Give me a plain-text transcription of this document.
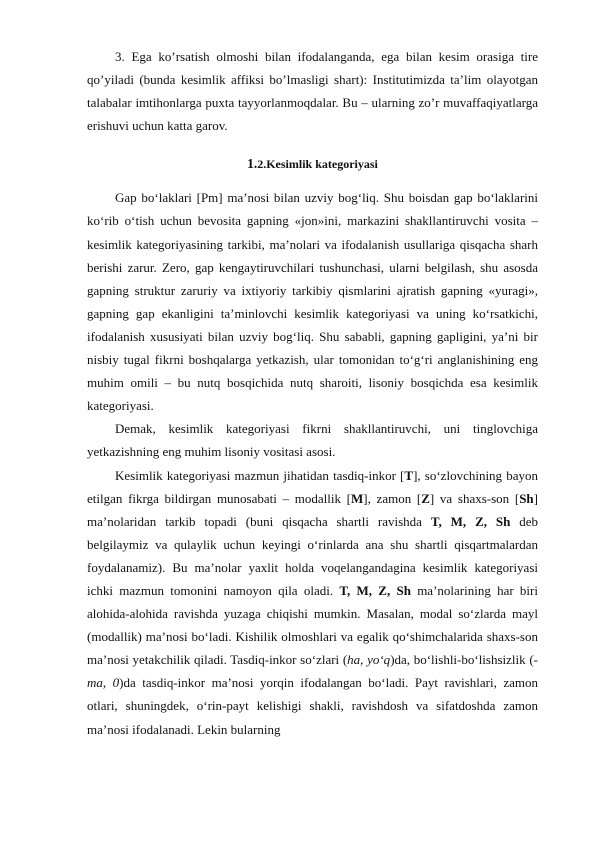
3. Ega ko’rsatish olmoshi bilan ifodalanganda, ega bilan kesim orasiga tire qo’yiladi (bunda kesimlik affiksi bo’lmasligi shart): Institutimizda ta’lim olayotgan talabalar imtihonlarga puxta tayyorlanmoqdalar. Bu – ularning zo’r muvaffaqiyatlarga erishuvi uchun katta garov.

1.2.Kesimlik kategoriyasi

Gap bo‘laklari [Pm] ma’nosi bilan uzviy bog‘liq. Shu boisdan gap bo‘laklarini ko‘rib o‘tish uchun bevosita gapning «jon»ini, markazini shakllantiruvchi vosita – kesimlik kategoriyasining tarkibi, ma’nolari va ifodalanish usullariga qisqacha sharh berishi zarur. Zero, gap kengaytiruvchilari tushunchasi, ularni belgilash, shu asosda gapning struktur zaruriy va ixtiyoriy tarkibiy qismlarini ajratish gapning «yuragi», gapning gap ekanligini ta’minlovchi kesimlik kategoriyasi va uning ko‘rsatkichi, ifodalanish xususiyati bilan uzviy bog‘liq. Shu sababli, gapning gapligini, ya’ni bir nisbiy tugal fikrni boshqalarga yetkazish, ular tomonidan to‘g‘ri anglanishining eng muhim omili – bu nutq bosqichida nutq sharoiti, lisoniy bosqichda esa kesimlik kategoriyasi.

Demak, kesimlik kategoriyasi fikrni shakllantiruvchi, uni tinglovchiga yetkazishning eng muhim lisoniy vositasi asosi.

Kesimlik kategoriyasi mazmun jihatidan tasdiq-inkor [T], so‘zlovchining bayon etilgan fikrga bildirgan munosabati – modallik [M], zamon [Z] va shaxs-son [Sh] ma’nolaridan tarkib topadi (buni qisqacha shartli ravishda T, M, Z, Sh deb belgilaymiz va qulaylik uchun keyingi o‘rinlarda ana shu shartli qisqartmalardan foydalanamiz). Bu ma’nolar yaxlit holda voqelangandagina kesimlik kategoriyasi ichki mazmun tomonini namoyon qila oladi. T, M, Z, Sh ma’nolarining har biri alohida-alohida ravishda yuzaga chiqishi mumkin. Masalan, modal so‘zlarda mayl (modallik) ma’nosi bo‘ladi. Kishilik olmoshlari va egalik qo‘shimchalarida shaxs-son ma’nosi yetakchilik qiladi. Tasdiq-inkor so‘zlari (ha, yo‘q)da, bo‘lishli-bo‘lishsizlik (-ma, 0)da tasdiq-inkor ma’nosi yorqin ifodalangan bo‘ladi. Payt ravishlari, zamon otlari, shuningdek, o‘rin-payt kelishigi shakli, ravishdosh va sifatdoshda zamon ma’nosi ifodalanadi. Lekin bularning
